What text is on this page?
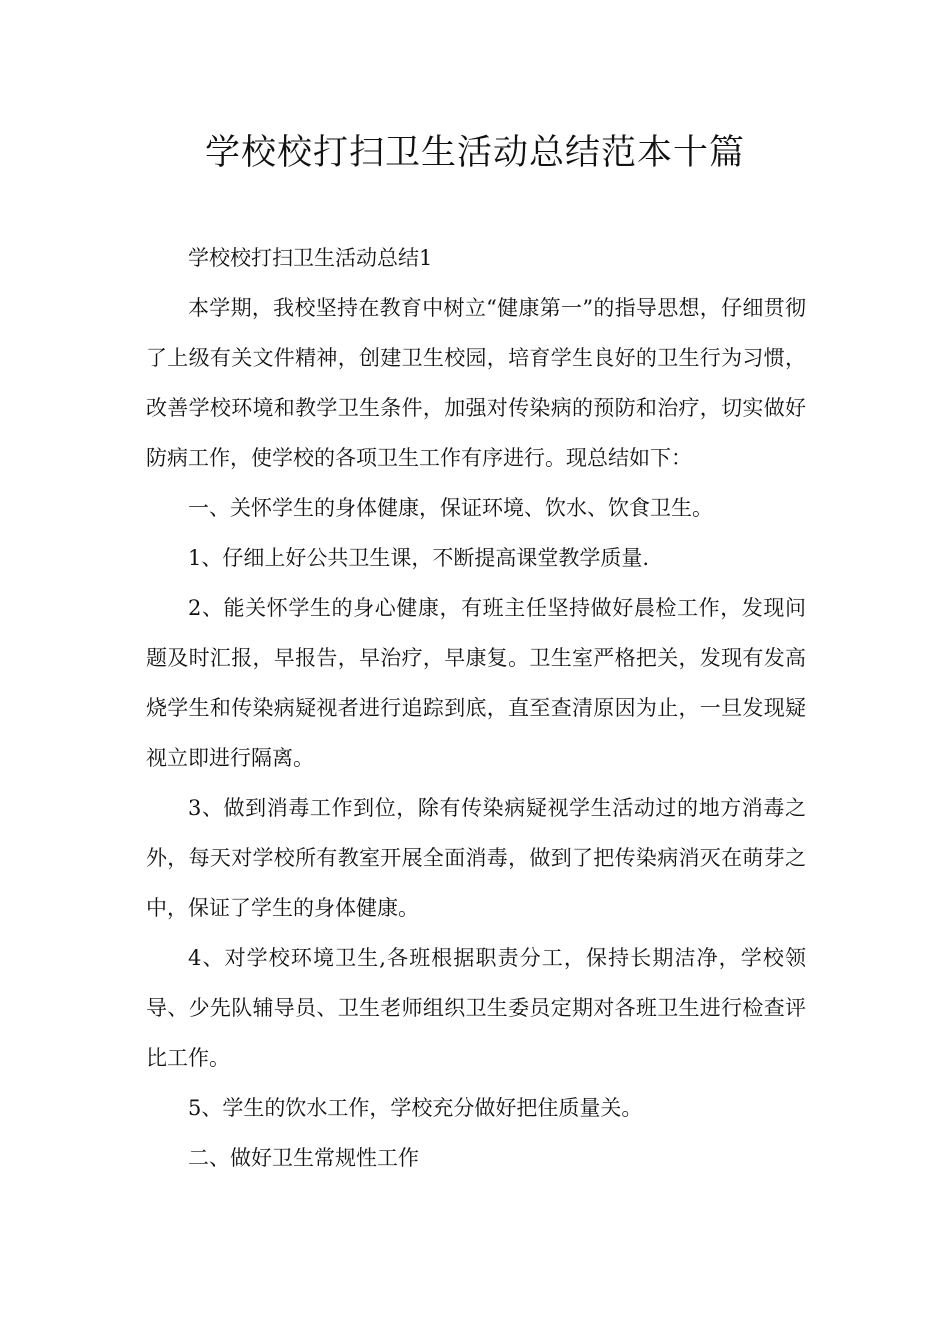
学校校打扫卫生活动总结范本十篇

学校校打扫卫生活动总结1

本学期，我校坚持在教育中树立“健康第一”的指导思想，仔细贯彻了上级有关文件精神，创建卫生校园，培育学生良好的卫生行为习惯，改善学校环境和教学卫生条件，加强对传染病的预防和治疗，切实做好防病工作，使学校的各项卫生工作有序进行。现总结如下：

一、关怀学生的身体健康，保证环境、饮水、饮食卫生。

1、仔细上好公共卫生课，不断提高课堂教学质量.

2、能关怀学生的身心健康，有班主任坚持做好晨检工作，发现问题及时汇报，早报告，早治疗，早康复。卫生室严格把关，发现有发高烧学生和传染病疑视者进行追踪到底，直至查清原因为止，一旦发现疑视立即进行隔离。

3、做到消毒工作到位，除有传染病疑视学生活动过的地方消毒之外，每天对学校所有教室开展全面消毒，做到了把传染病消灭在萌芽之中，保证了学生的身体健康。

4、对学校环境卫生,各班根据职责分工，保持长期洁净，学校领导、少先队辅导员、卫生老师组织卫生委员定期对各班卫生进行检查评比工作。

5、学生的饮水工作，学校充分做好把住质量关。

二、做好卫生常规性工作
